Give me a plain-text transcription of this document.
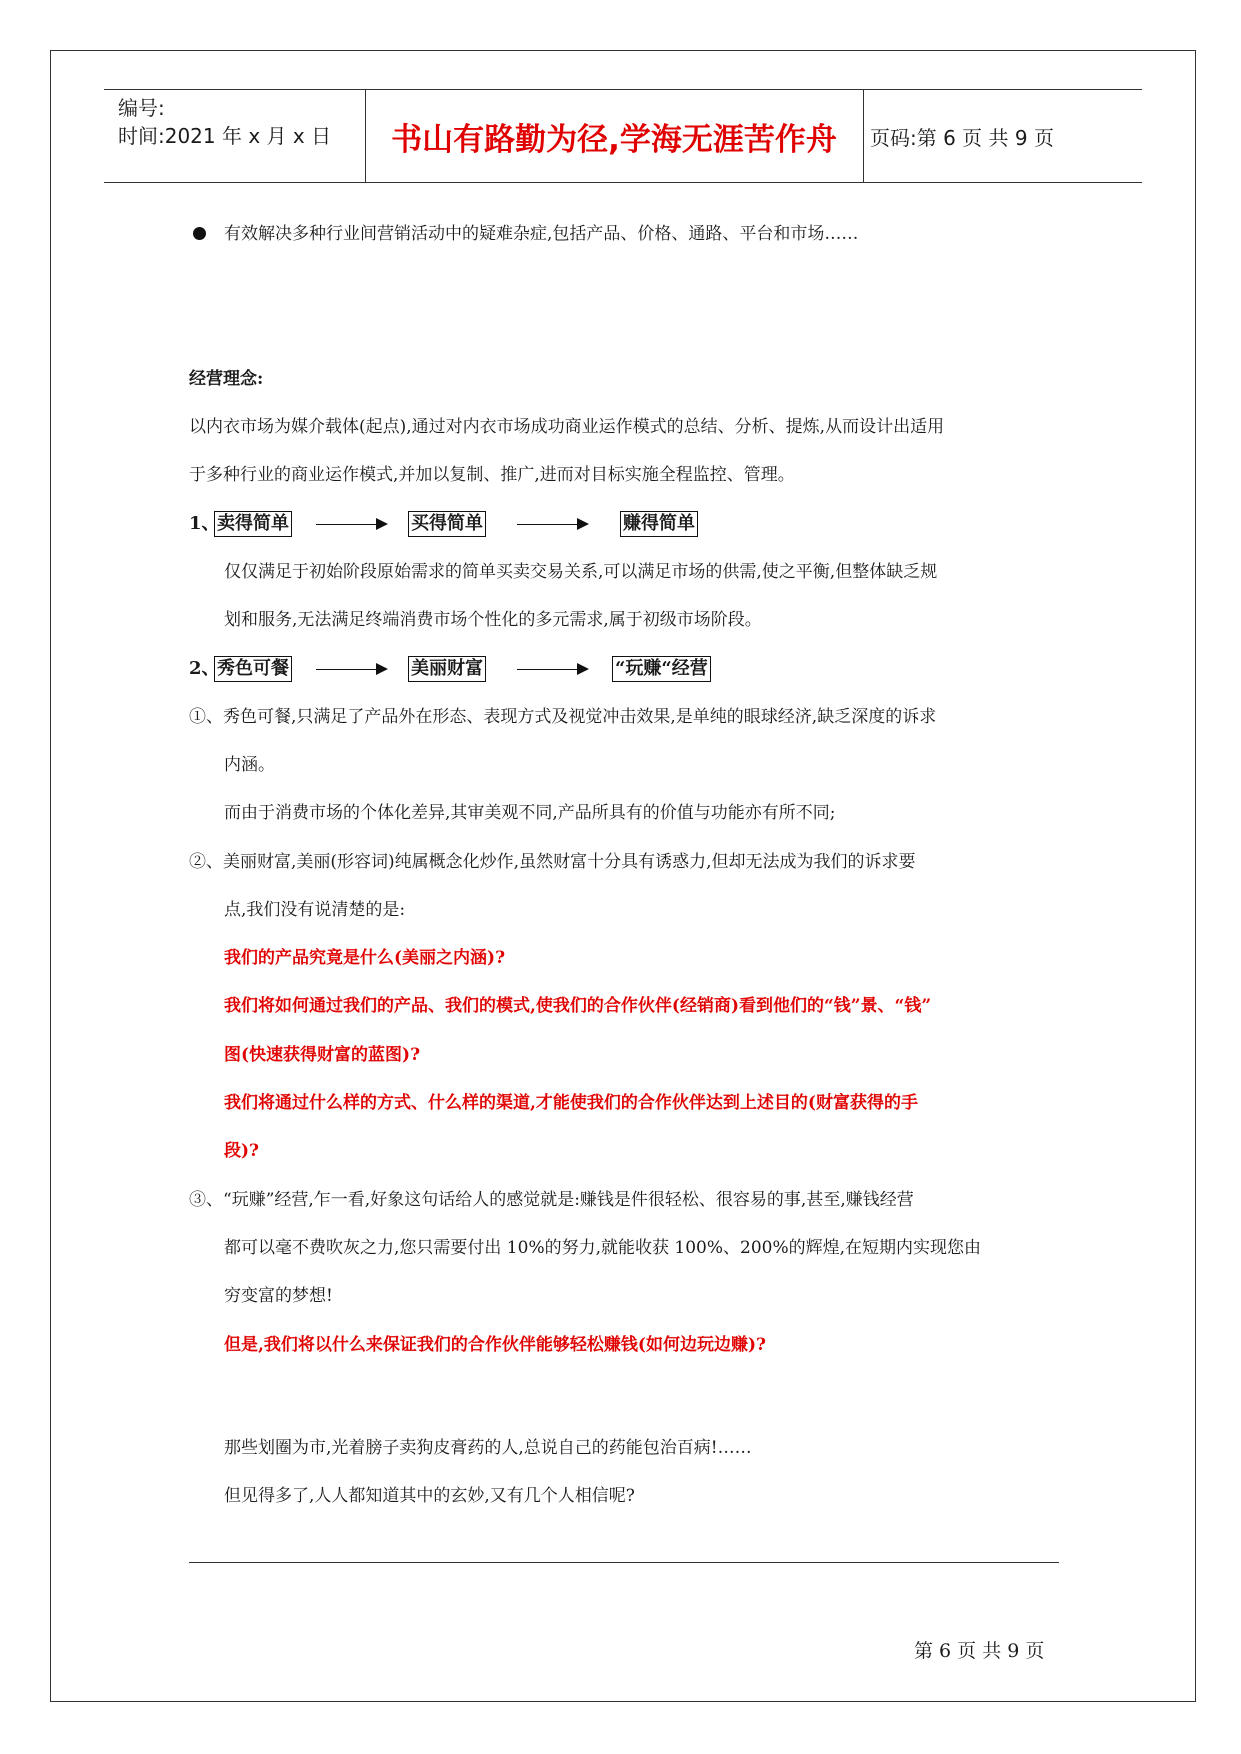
编号:
时间:2021 年 x 月 x 日	书山有路勤为径,学海无涯苦作舟	页码:第 6 页 共 9 页
有效解决多种行业间营销活动中的疑难杂症,包括产品、价格、通路、平台和市场……
经营理念:
以内衣市场为媒介载体(起点),通过对内衣市场成功商业运作模式的总结、分析、提炼,从而设计出适用
于多种行业的商业运作模式,并加以复制、推广,进而对目标实施全程监控、管理。
1、
卖得简单	买得简单	赚得简单
仅仅满足于初始阶段原始需求的简单买卖交易关系,可以满足市场的供需,使之平衡,但整体缺乏规
划和服务,无法满足终端消费市场个性化的多元需求,属于初级市场阶段。
2、
秀色可餐	美丽财富	“玩赚“经营
①、秀色可餐,只满足了产品外在形态、表现方式及视觉冲击效果,是单纯的眼球经济,缺乏深度的诉求
内涵。
而由于消费市场的个体化差异,其审美观不同,产品所具有的价值与功能亦有所不同;
②、美丽财富,美丽(形容词)纯属概念化炒作,虽然财富十分具有诱惑力,但却无法成为我们的诉求要
点,我们没有说清楚的是:
我们的产品究竟是什么(美丽之内涵)?
我们将如何通过我们的产品、我们的模式,使我们的合作伙伴(经销商)看到他们的“钱”景、“钱”
图(快速获得财富的蓝图)?
我们将通过什么样的方式、什么样的渠道,才能使我们的合作伙伴达到上述目的(财富获得的手
段)?
③、“玩赚”经营,乍一看,好象这句话给人的感觉就是:赚钱是件很轻松、很容易的事,甚至,赚钱经营
都可以毫不费吹灰之力,您只需要付出 10%的努力,就能收获 100%、200%的辉煌,在短期内实现您由
穷变富的梦想!
但是,我们将以什么来保证我们的合作伙伴能够轻松赚钱(如何边玩边赚)?
那些划圈为市,光着膀子卖狗皮膏药的人,总说自己的药能包治百病!……
但见得多了,人人都知道其中的玄妙,又有几个人相信呢?
第 6 页 共 9 页
